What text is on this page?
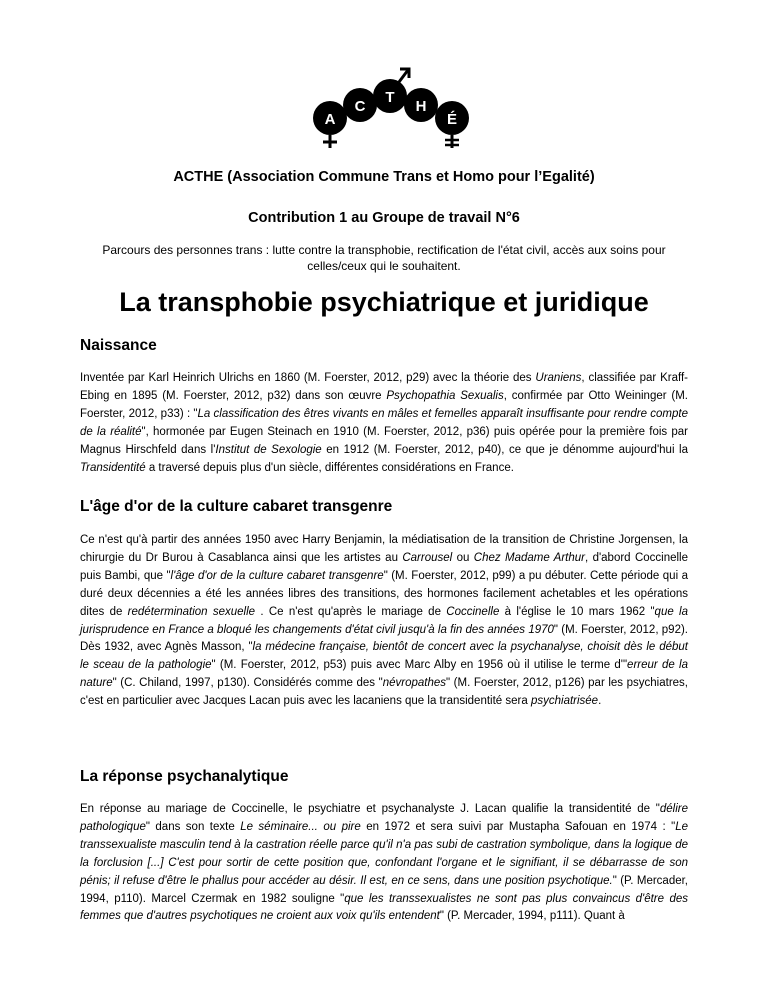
A
C
T
H
É
ACTHE (Association Commune Trans et Homo pour l’Egalité)
Contribution 1 au Groupe de travail N°6
Parcours des personnes trans : lutte contre la transphobie, rectification de l'état civil, accès aux soins pour celles/ceux qui le souhaitent.
La transphobie psychiatrique et juridique
Naissance

Inventée par Karl Heinrich Ulrichs en 1860 (M. Foerster, 2012, p29) avec la théorie des Uraniens, classifiée par Kraff-Ebing en 1895 (M. Foerster, 2012, p32) dans son œuvre Psychopathia Sexualis, confirmée par Otto Weininger (M. Foerster, 2012, p33) : "La classification des êtres vivants en mâles et femelles apparaît insuffisante pour rendre compte de la réalité", hormonée par Eugen Steinach en 1910 (M. Foerster, 2012, p36) puis opérée pour la première fois par Magnus Hirschfeld dans l'Institut de Sexologie en 1912 (M. Foerster, 2012, p40), ce que je dénomme aujourd'hui la Transidentité a traversé depuis plus d'un siècle, différentes considérations en France.

L'âge d'or de la culture cabaret transgenre

Ce n'est qu'à partir des années 1950 avec Harry Benjamin, la médiatisation de la transition de Christine Jorgensen, la chirurgie du Dr Burou à Casablanca ainsi que les artistes au Carrousel ou Chez Madame Arthur, d'abord Coccinelle puis Bambi, que "l'âge d'or de la culture cabaret transgenre" (M. Foerster, 2012, p99) a pu débuter. Cette période qui a duré deux décennies a été les années libres des transitions, des hormones facilement achetables et les opérations dites de redétermination sexuelle . Ce n'est qu'après le mariage de Coccinelle à l'église le 10 mars 1962 "que la jurisprudence en France a bloqué les changements d'état civil jusqu'à la fin des années 1970" (M. Foerster, 2012, p92). Dès 1932, avec Agnès Masson, "la médecine française, bientôt de concert avec la psychanalyse, choisit dès le début le sceau de la pathologie" (M. Foerster, 2012, p53) puis avec Marc Alby en 1956 où il utilise le terme d'"erreur de la nature" (C. Chiland, 1997, p130). Considérés comme des "névropathes" (M. Foerster, 2012, p126) par les psychiatres, c'est en particulier avec Jacques Lacan puis avec les lacaniens que la transidentité sera psychiatrisée.

La réponse psychanalytique

En réponse au mariage de Coccinelle, le psychiatre et psychanalyste J. Lacan qualifie la transidentité de "délire pathologique" dans son texte Le séminaire... ou pire en 1972 et sera suivi par Mustapha Safouan en 1974 : "Le transsexualiste masculin tend à la castration réelle parce qu'il n'a pas subi de castration symbolique, dans la logique de la forclusion [...] C'est pour sortir de cette position que, confondant l'organe et le signifiant, il se débarrasse de son pénis; il refuse d'être le phallus pour accéder au désir. Il est, en ce sens, dans une position psychotique." (P. Mercader, 1994, p110). Marcel Czermak en 1982 souligne "que les transsexualistes ne sont pas plus convaincus d'être des femmes que d'autres psychotiques ne croient aux voix qu'ils entendent" (P. Mercader, 1994, p111). Quant à
